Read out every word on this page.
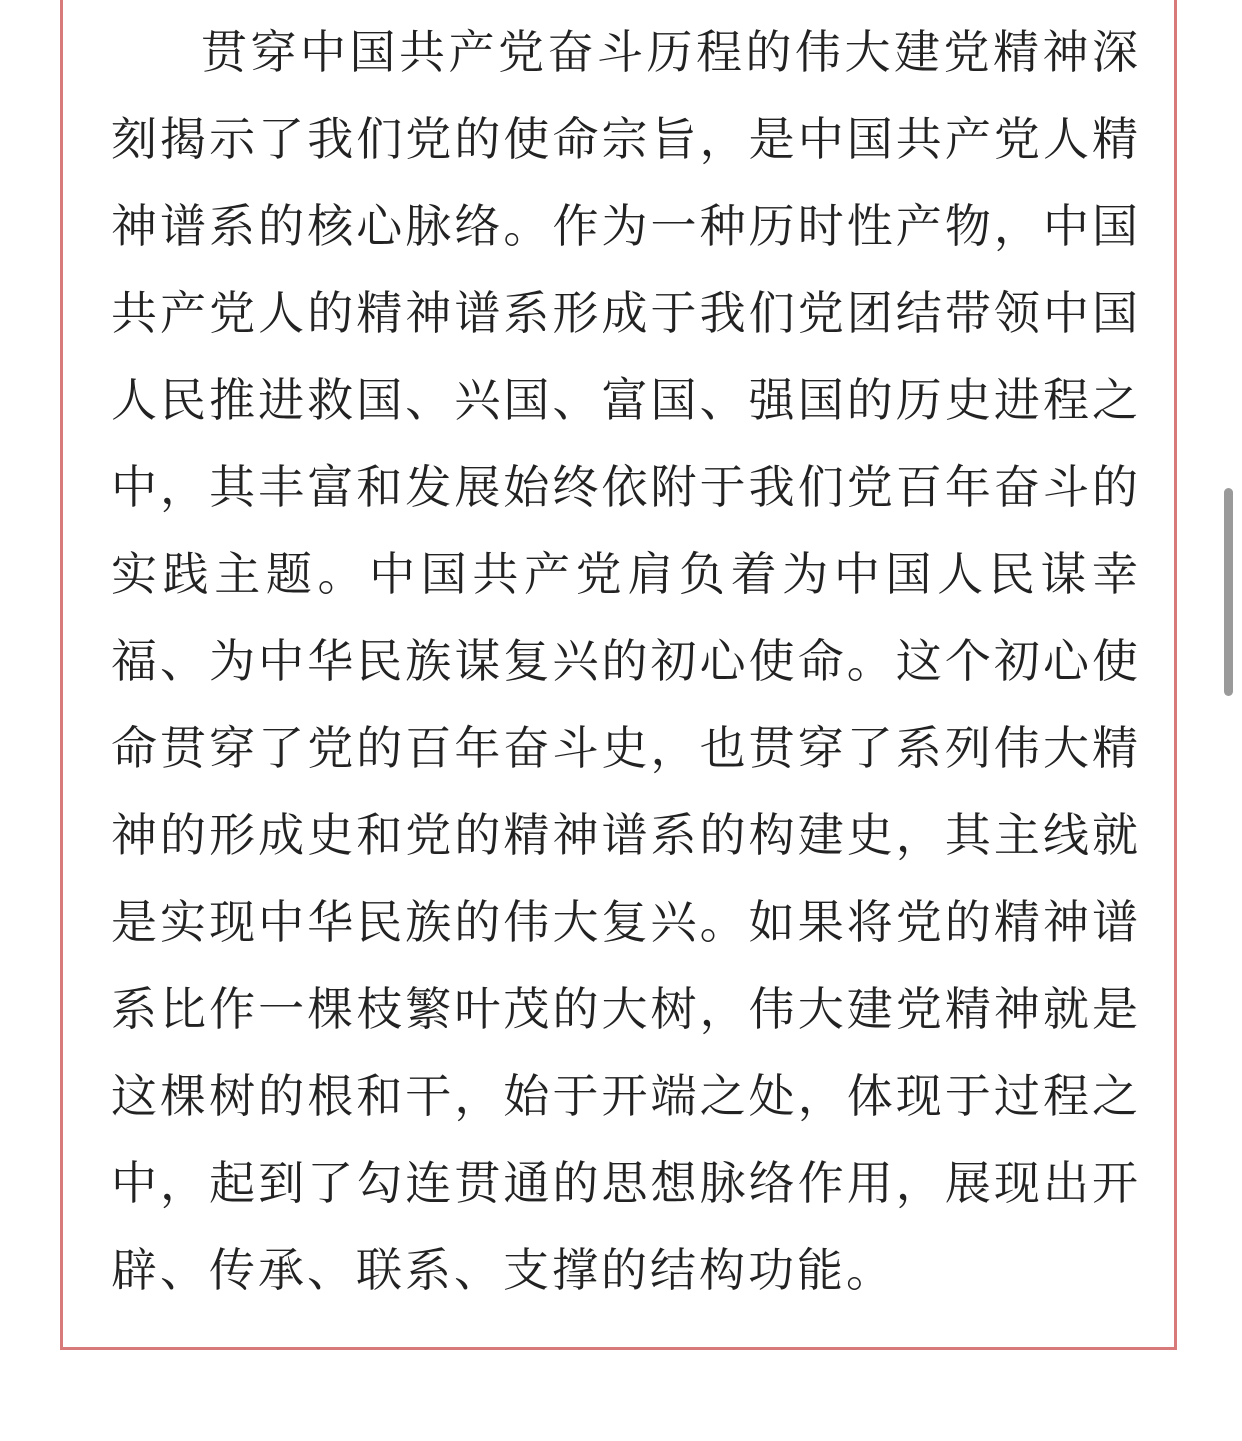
贯穿中国共产党奋斗历程的伟大建党精神深刻揭示了我们党的使命宗旨，是中国共产党人精神谱系的核心脉络。作为一种历时性产物，中国共产党人的精神谱系形成于我们党团结带领中国人民推进救国、兴国、富国、强国的历史进程之中，其丰富和发展始终依附于我们党百年奋斗的实践主题。中国共产党肩负着为中国人民谋幸福、为中华民族谋复兴的初心使命。这个初心使命贯穿了党的百年奋斗史，也贯穿了系列伟大精神的形成史和党的精神谱系的构建史，其主线就是实现中华民族的伟大复兴。如果将党的精神谱系比作一棵枝繁叶茂的大树，伟大建党精神就是这棵树的根和干，始于开端之处，体现于过程之中，起到了勾连贯通的思想脉络作用，展现出开辟、传承、联系、支撑的结构功能。
